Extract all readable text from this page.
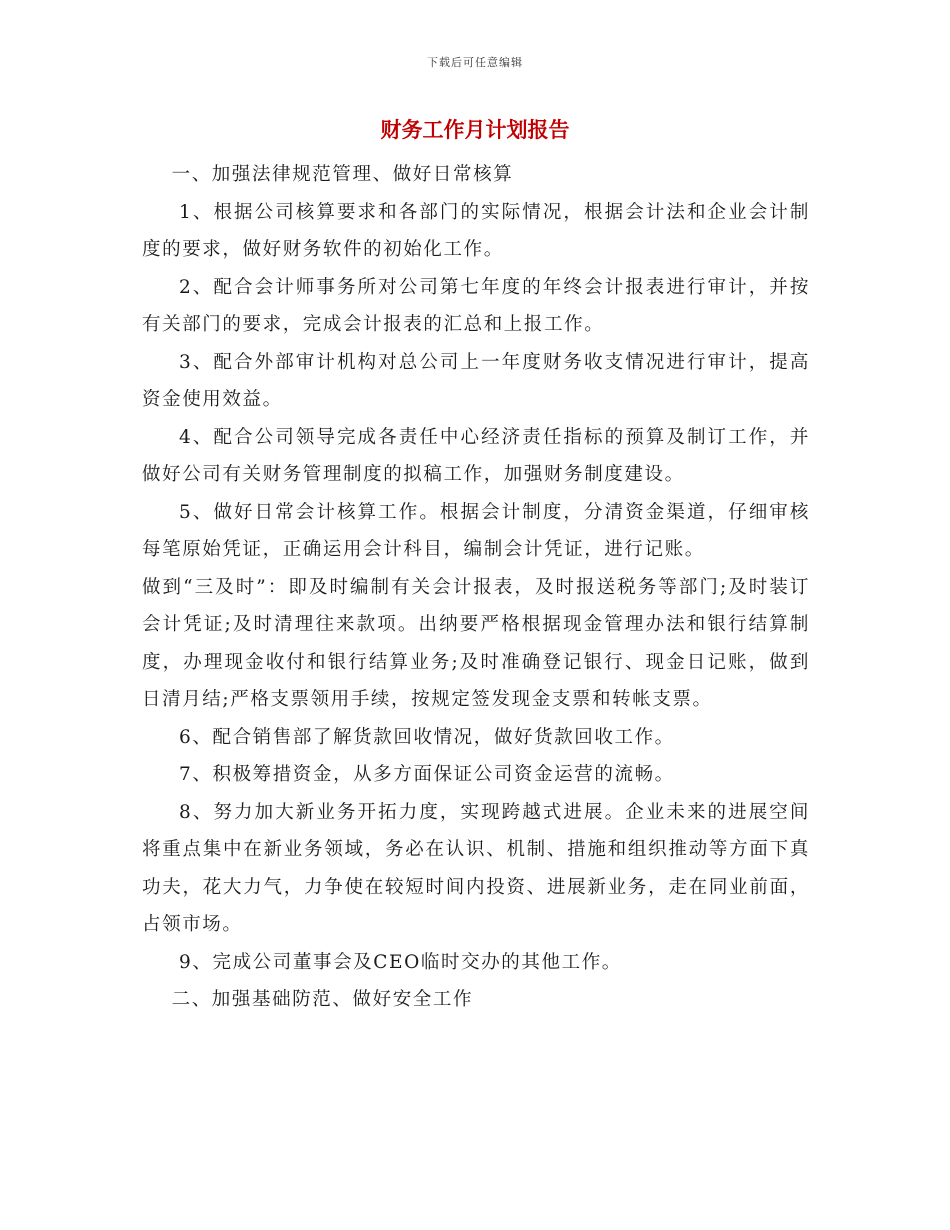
下载后可任意编辑
财务工作月计划报告

一、加强法律规范管理、做好日常核算

1、根据公司核算要求和各部门的实际情况，根据会计法和企业会计制度的要求，做好财务软件的初始化工作。

2、配合会计师事务所对公司第七年度的年终会计报表进行审计，并按有关部门的要求，完成会计报表的汇总和上报工作。

3、配合外部审计机构对总公司上一年度财务收支情况进行审计，提高资金使用效益。

4、配合公司领导完成各责任中心经济责任指标的预算及制订工作，并做好公司有关财务管理制度的拟稿工作，加强财务制度建设。

5、做好日常会计核算工作。根据会计制度，分清资金渠道，仔细审核每笔原始凭证，正确运用会计科目，编制会计凭证，进行记账。
做到“三及时”：即及时编制有关会计报表，及时报送税务等部门;及时装订会计凭证;及时清理往来款项。出纳要严格根据现金管理办法和银行结算制度，办理现金收付和银行结算业务;及时准确登记银行、现金日记账，做到日清月结;严格支票领用手续，按规定签发现金支票和转帐支票。

6、配合销售部了解货款回收情况，做好货款回收工作。

7、积极筹措资金，从多方面保证公司资金运营的流畅。

8、努力加大新业务开拓力度，实现跨越式进展。企业未来的进展空间将重点集中在新业务领域，务必在认识、机制、措施和组织推动等方面下真功夫，花大力气，力争使在较短时间内投资、进展新业务，走在同业前面，占领市场。

9、完成公司董事会及CEO临时交办的其他工作。

二、加强基础防范、做好安全工作
